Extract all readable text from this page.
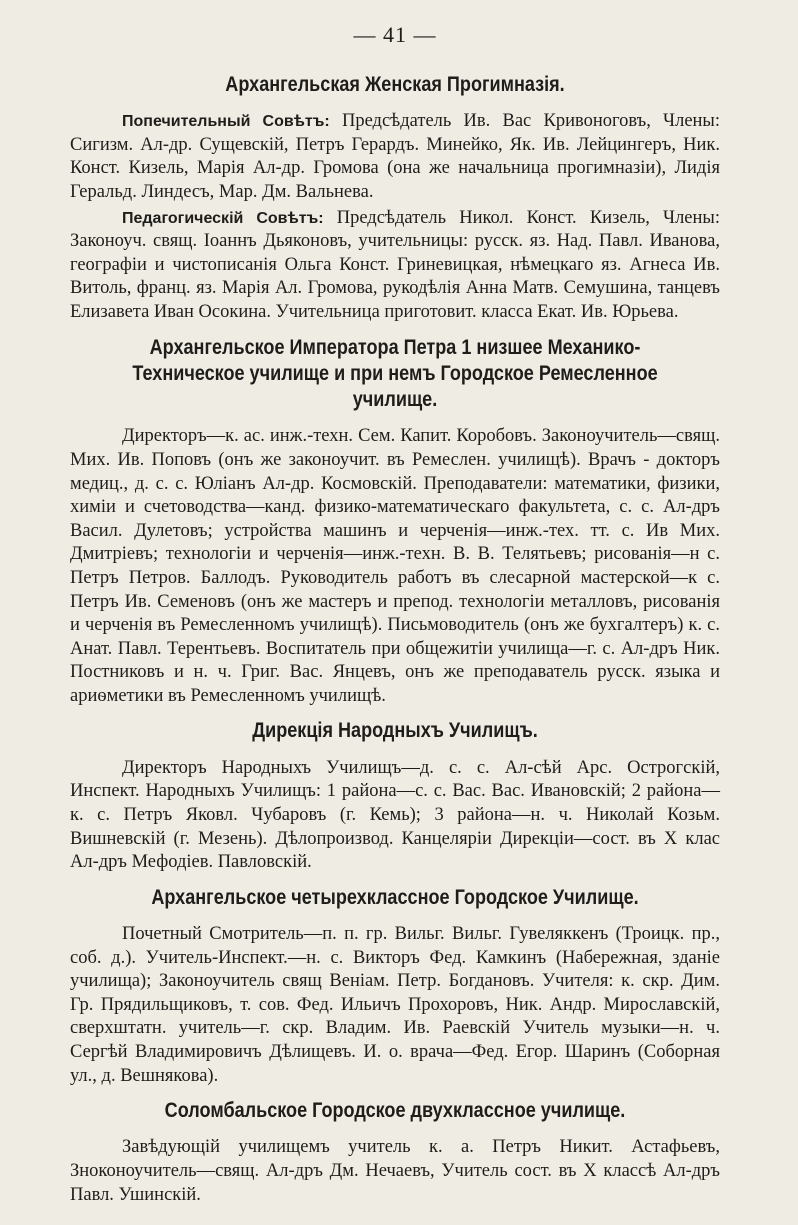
— 41 —
Архангельская Женская Прогимназія.

Попечительный Совѣтъ: Предсѣдатель Ив. Вас Кривоноговъ, Члены: Сигизм. Ал-др. Сущевскій, Петръ Герардъ. Минейко, Як. Ив. Лейцингеръ, Ник. Конст. Кизель, Марія Ал-др. Громова (она же начальница прогимназіи), Лидія Геральд. Линдесъ, Мар. Дм. Вальнева.

Педагогическій Совѣтъ: Предсѣдатель Никол. Конст. Кизель, Члены: Законоуч. свящ. Іоаннъ Дьяконовъ, учительницы: русск. яз. Над. Павл. Иванова, географіи и чистописанія Ольга Конст. Гриневицкая, нѣмецкаго яз. Агнеса Ив. Витоль, франц. яз. Марія Ал. Громова, рукодѣлія Анна Матв. Семушина, танцевъ Елизавета Иван Осокина. Учительница приготовит. класса Екат. Ив. Юрьева.

Архангельское Императора Петра 1 низшее Механико-Техническое училище и при немъ Городское Ремесленное училище.

Директоръ—к. ас. инж.-техн. Сем. Капит. Коробовъ. Законоучитель—свящ. Мих. Ив. Поповъ (онъ же законоучит. въ Ремеслен. училищѣ). Врачъ - докторъ медиц., д. с. с. Юліанъ Ал-др. Космовскій. Преподаватели: математики, физики, химіи и счетоводства—канд. физико-математическаго факультета, с. с. Ал-дръ Васил. Дулетовъ; устройства машинъ и черченія—инж.-тех. тт. с. Ив Мих. Дмитріевъ; технологіи и черченія—инж.-техн. В. В. Телятьевъ; рисованія—н с. Петръ Петров. Баллодъ. Руководитель работъ въ слесарной мастерской—к с. Петръ Ив. Семеновъ (онъ же мастеръ и препод. технологіи металловъ, рисованія и черченія въ Ремесленномъ училищѣ). Письмоводитель (онъ же бухгалтеръ) к. с. Анат. Павл. Терентьевъ. Воспитатель при общежитіи училища—г. с. Ал-дръ Ник. Постниковъ и н. ч. Григ. Вас. Янцевъ, онъ же преподаватель русск. языка и ариѳметики въ Ремесленномъ училищѣ.

Дирекція Народныхъ Училищъ.

Директоръ Народныхъ Училищъ—д. с. с. Ал-сѣй Арс. Острогскій, Инспект. Народныхъ Училищъ: 1 района—с. с. Вас. Вас. Ивановскій; 2 района—к. с. Петръ Яковл. Чубаровъ (г. Кемь); 3 района—н. ч. Николай Козьм. Вишневскій (г. Мезень). Дѣлопроизвод. Канцеляріи Дирекціи—сост. въ X клас Ал-дръ Мефодіев. Павловскій.

Архангельское четырехклассное Городское Училище.

Почетный Смотритель—п. п. гр. Вильг. Вильг. Гувеляккенъ (Троицк. пр., соб. д.). Учитель-Инспект.—н. с. Викторъ Фед. Камкинъ (Набережная, зданіе училища); Законоучитель свящ Веніам. Петр. Богдановъ. Учителя: к. скр. Дим. Гр. Прядильщиковъ, т. сов. Фед. Ильичъ Прохоровъ, Ник. Андр. Мирославскій, сверхштатн. учитель—г. скр. Владим. Ив. Раевскій Учитель музыки—н. ч. Сергѣй Владимировичъ Дѣлищевъ. И. о. врача—Фед. Егор. Шаринъ (Соборная ул., д. Вешнякова).

Соломбальское Городское двухклассное училище.

Завѣдующій училищемъ учитель к. а. Петръ Никит. Астафьевъ, Зноконоучитель—свящ. Ал-дръ Дм. Нечаевъ, Учитель сост. въ X классѣ Ал-дръ Павл. Ушинскій.
